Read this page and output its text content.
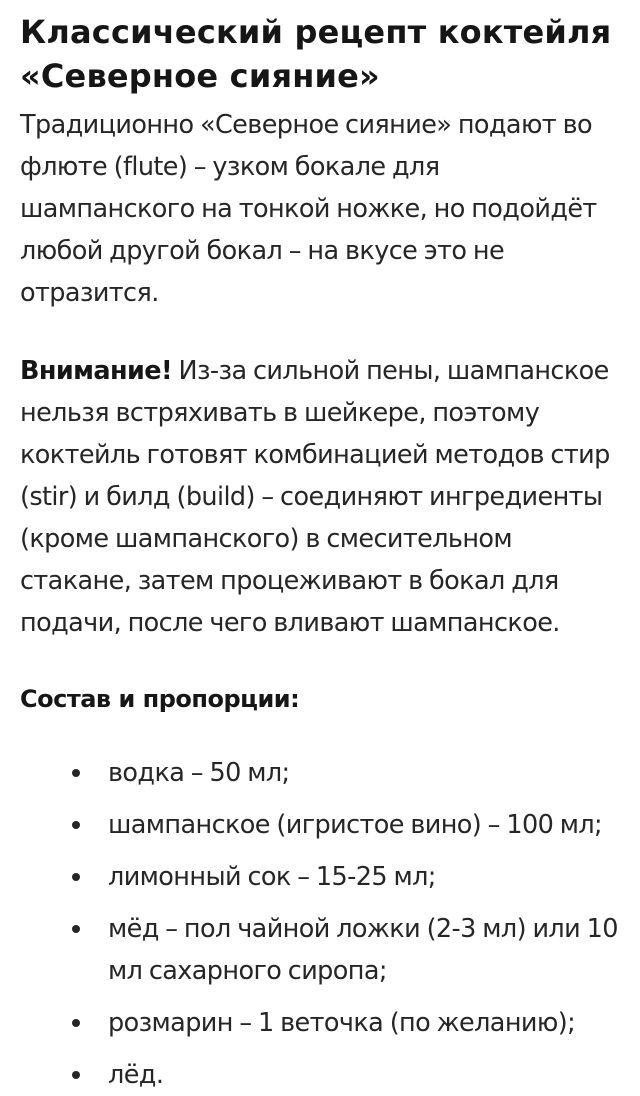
Классический рецепт коктейля «Северное сияние»

Традиционно «Северное сияние» подают во флюте (flute) – узком бокале для шампанского на тонкой ножке, но подойдёт любой другой бокал – на вкусе это не отразится.

Внимание! Из-за сильной пены, шампанское нельзя встряхивать в шейкере, поэтому коктейль готовят комбинацией методов стир (stir) и билд (build) – соединяют ингредиенты (кроме шампанского) в смесительном стакане, затем процеживают в бокал для подачи, после чего вливают шампанское.

Состав и пропорции:
водка – 50 мл;
шампанское (игристое вино) – 100 мл;
лимонный сок – 15-25 мл;
мёд – пол чайной ложки (2-3 мл) или 10 мл сахарного сиропа;
розмарин – 1 веточка (по желанию);
лёд.
